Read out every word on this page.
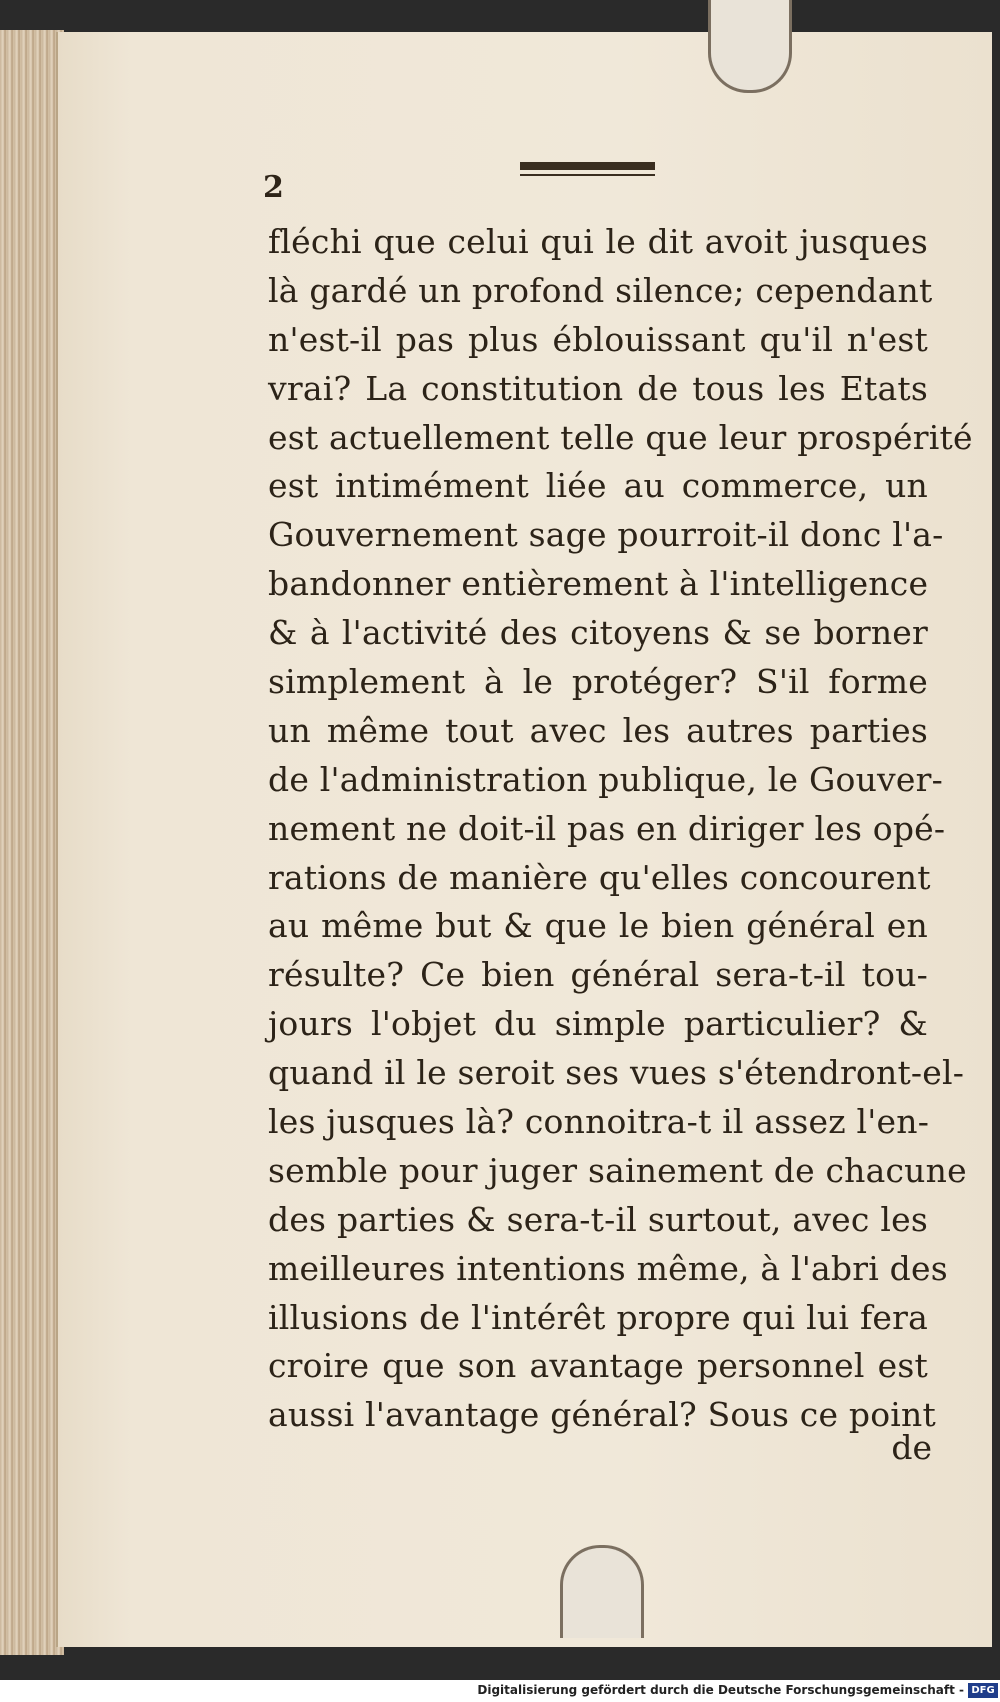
2
fléchi que celui qui le dit avoit jusques
là gardé un profond silence; cependant
n'est-il pas plus éblouissant qu'il n'est
vrai? La constitution de tous les Etats
est actuellement telle que leur prospérité
est intimément liée au commerce, un
Gouvernement sage pourroit-il donc l'a-
bandonner entièrement à l'intelligence
& à l'activité des citoyens & se borner
simplement à le protéger? S'il forme
un même tout avec les autres parties
de l'administration publique, le Gouver-
nement ne doit-il pas en diriger les opé-
rations de manière qu'elles concourent
au même but & que le bien général en
résulte? Ce bien général sera-t-il tou-
jours l'objet du simple particulier? &
quand il le seroit ses vues s'étendront-el-
les jusques là? connoitra-t il assez l'en-
semble pour juger sainement de chacune
des parties & sera-t-il surtout, avec les
meilleures intentions même, à l'abri des
illusions de l'intérêt propre qui lui fera
croire que son avantage personnel est
aussi l'avantage général? Sous ce point
de
Digitalisierung gefördert durch die Deutsche Forschungsgemeinschaft - DFG
